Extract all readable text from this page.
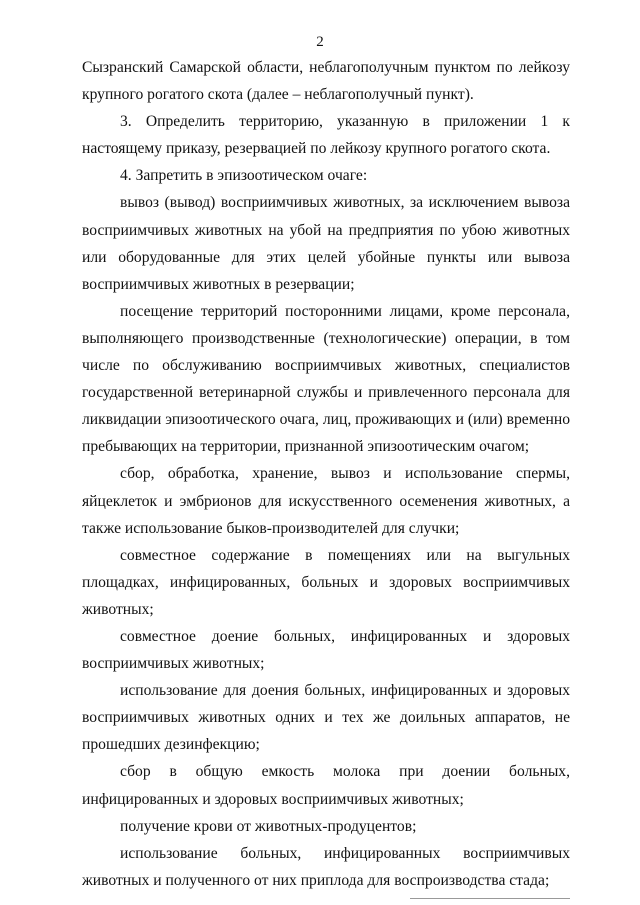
2

Сызранский Самарской области, неблагополучным пунктом по лейкозу крупного рогатого скота (далее – неблагополучный пункт).

3. Определить территорию, указанную в приложении 1 к настоящему приказу, резервацией по лейкозу крупного рогатого скота.

4. Запретить в эпизоотическом очаге:

вывоз (вывод) восприимчивых животных, за исключением вывоза восприимчивых животных на убой на предприятия по убою животных или оборудованные для этих целей убойные пункты или вывоза восприимчивых животных в резервации;

посещение территорий посторонними лицами, кроме персонала, выполняющего производственные (технологические) операции, в том числе по обслуживанию восприимчивых животных, специалистов государственной ветеринарной службы и привлеченного персонала для ликвидации эпизоотического очага, лиц, проживающих и (или) временно пребывающих на территории, признанной эпизоотическим очагом;

сбор, обработка, хранение, вывоз и использование спермы, яйцеклеток и эмбрионов для искусственного осеменения животных, а также использование быков-производителей для случки;

совместное содержание в помещениях или на выгульных площадках, инфицированных, больных и здоровых восприимчивых животных;

совместное доение больных, инфицированных и здоровых восприимчивых животных;

использование для доения больных, инфицированных и здоровых восприимчивых животных одних и тех же доильных аппаратов, не прошедших дезинфекцию;

сбор в общую емкость молока при доении больных, инфицированных и здоровых восприимчивых животных;

получение крови от животных-продуцентов;

использование больных, инфицированных восприимчивых животных и полученного от них приплода для воспроизводства стада;
